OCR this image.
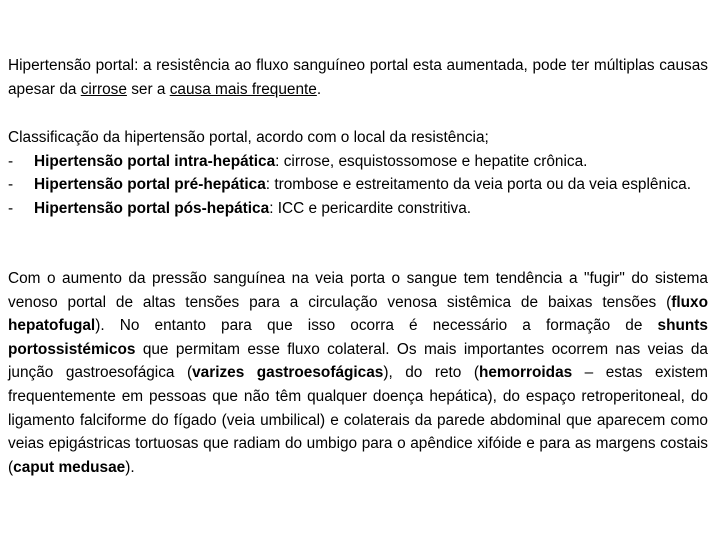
Hipertensão portal: a resistência ao fluxo sanguíneo portal esta aumentada, pode ter múltiplas causas apesar da cirrose ser a causa mais frequente.

Classificação da hipertensão portal, acordo com o local da resistência;
-	Hipertensão portal intra-hepática: cirrose, esquistossomose e hepatite crônica.
-	Hipertensão portal pré-hepática: trombose e estreitamento da veia porta ou da veia esplênica.
-	Hipertensão portal pós-hepática: ICC e pericardite constritiva.

Com o aumento da pressão sanguínea na veia porta o sangue tem tendência a "fugir" do sistema venoso portal de altas tensões para a circulação venosa sistêmica de baixas tensões (fluxo hepatofugal). No entanto para que isso ocorra é necessário a formação de shunts portossistémicos que permitam esse fluxo colateral. Os mais importantes ocorrem nas veias da junção gastroesofágica (varizes gastroesofágicas), do reto (hemorroidas – estas existem frequentemente em pessoas que não têm qualquer doença hepática), do espaço retroperitoneal, do ligamento falciforme do fígado (veia umbilical) e colaterais da parede abdominal que aparecem como veias epigástricas tortuosas que radiam do umbigo para o apêndice xifóide e para as margens costais (caput medusae).
